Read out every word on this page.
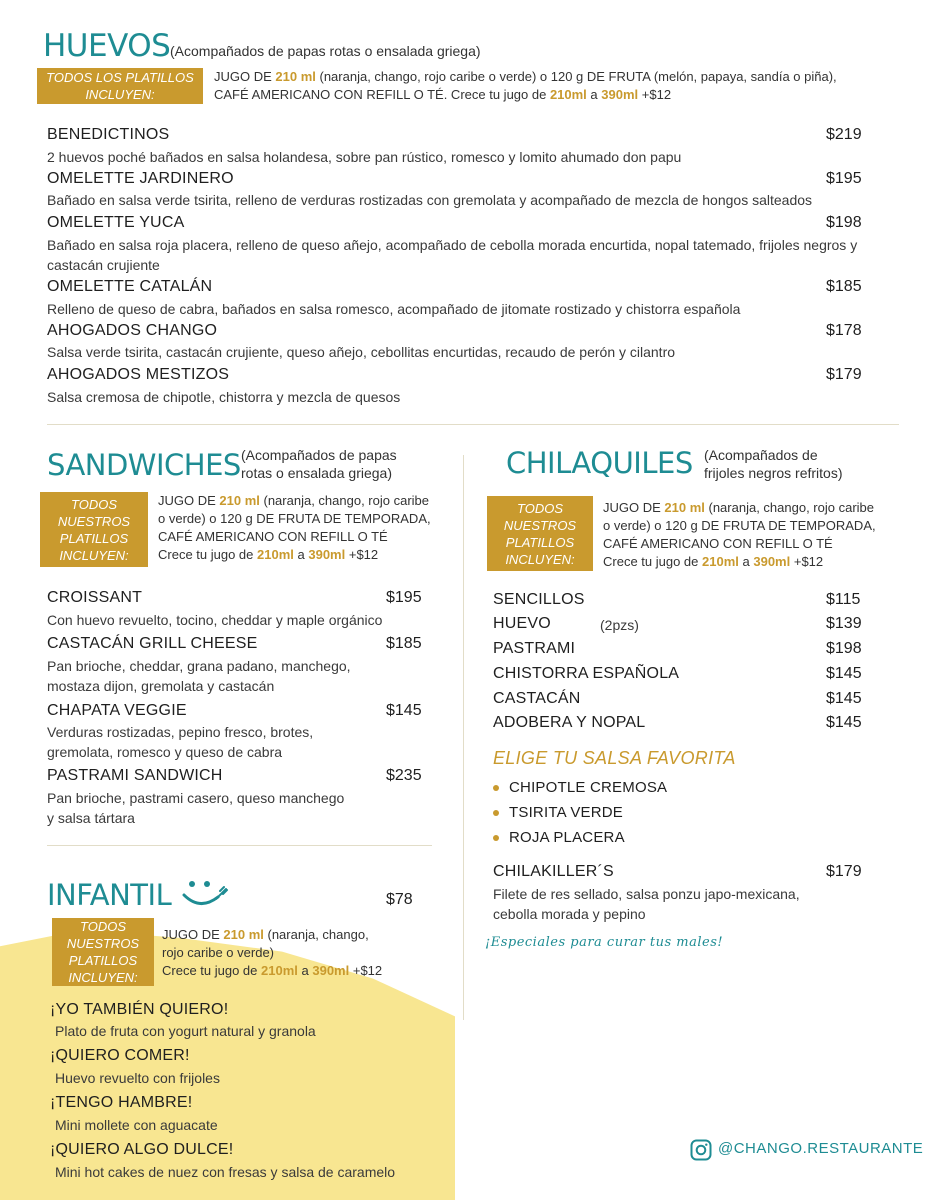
HUEVOS (Acompañados de papas rotas o ensalada griega)
TODOS LOS PLATILLOS
INCLUYEN:
JUGO DE 210 ml (naranja, chango, rojo caribe o verde) o 120 g DE FRUTA (melón, papaya, sandía o piña),
CAFÉ AMERICANO CON REFILL O TÉ. Crece tu jugo de 210ml a 390ml +$12
BENEDICTINOS	$219
2 huevos poché bañados en salsa holandesa, sobre pan rústico, romesco y lomito ahumado don papu
OMELETTE JARDINERO	$195
Bañado en salsa verde tsirita, relleno de verduras rostizadas con gremolata y acompañado de mezcla de hongos salteados
OMELETTE YUCA	$198
Bañado en salsa roja placera, relleno de queso añejo, acompañado de cebolla morada encurtida, nopal tatemado, frijoles negros y castacán crujiente
OMELETTE CATALÁN	$185
Relleno de queso de cabra, bañados en salsa romesco, acompañado de jitomate rostizado y chistorra española
AHOGADOS CHANGO	$178
Salsa verde tsirita, castacán crujiente, queso añejo, cebollitas encurtidas, recaudo de perón y cilantro
AHOGADOS MESTIZOS	$179
Salsa cremosa de chipotle, chistorra y mezcla de quesos
SANDWICHES (Acompañados de papas
rotas o ensalada griega)
TODOS
NUESTROS
PLATILLOS
INCLUYEN:
JUGO DE 210 ml (naranja, chango, rojo caribe
o verde) o 120 g DE FRUTA DE TEMPORADA,
CAFÉ AMERICANO CON REFILL O TÉ
Crece tu jugo de 210ml a 390ml +$12
CROISSANT	$195
Con huevo revuelto, tocino, cheddar y maple orgánico
CASTACÁN GRILL CHEESE	$185
Pan brioche, cheddar, grana padano, manchego,
mostaza dijon, gremolata y castacán
CHAPATA VEGGIE	$145
Verduras rostizadas, pepino fresco, brotes,
gremolata, romesco y queso de cabra
PASTRAMI SANDWICH	$235
Pan brioche, pastrami casero, queso manchego
y salsa tártara
INFANTIL	$78
TODOS
NUESTROS
PLATILLOS
INCLUYEN:
JUGO DE 210 ml (naranja, chango,
rojo caribe o verde)
Crece tu jugo de 210ml a 390ml +$12
¡YO TAMBIÉN QUIERO!
Plato de fruta con yogurt natural y granola
¡QUIERO COMER!
Huevo revuelto con frijoles
¡TENGO HAMBRE!
Mini mollete con aguacate
¡QUIERO ALGO DULCE!
Mini hot cakes de nuez con fresas y salsa de caramelo
CHILAQUILES (Acompañados de
frijoles negros refritos)
TODOS
NUESTROS
PLATILLOS
INCLUYEN:
JUGO DE 210 ml (naranja, chango, rojo caribe
o verde) o 120 g DE FRUTA DE TEMPORADA,
CAFÉ AMERICANO CON REFILL O TÉ
Crece tu jugo de 210ml a 390ml +$12
SENCILLOS	$115
HUEVO	(2pzs)	$139
PASTRAMI	$198
CHISTORRA ESPAÑOLA	$145
CASTACÁN	$145
ADOBERA Y NOPAL	$145
ELIGE TU SALSA FAVORITA
CHIPOTLE CREMOSA
TSIRITA VERDE
ROJA PLACERA
CHILAKILLER´S	$179
Filete de res sellado, salsa ponzu japo-mexicana,
cebolla morada y pepino
¡Especiales para curar tus males!
@CHANGO.RESTAURANTE
